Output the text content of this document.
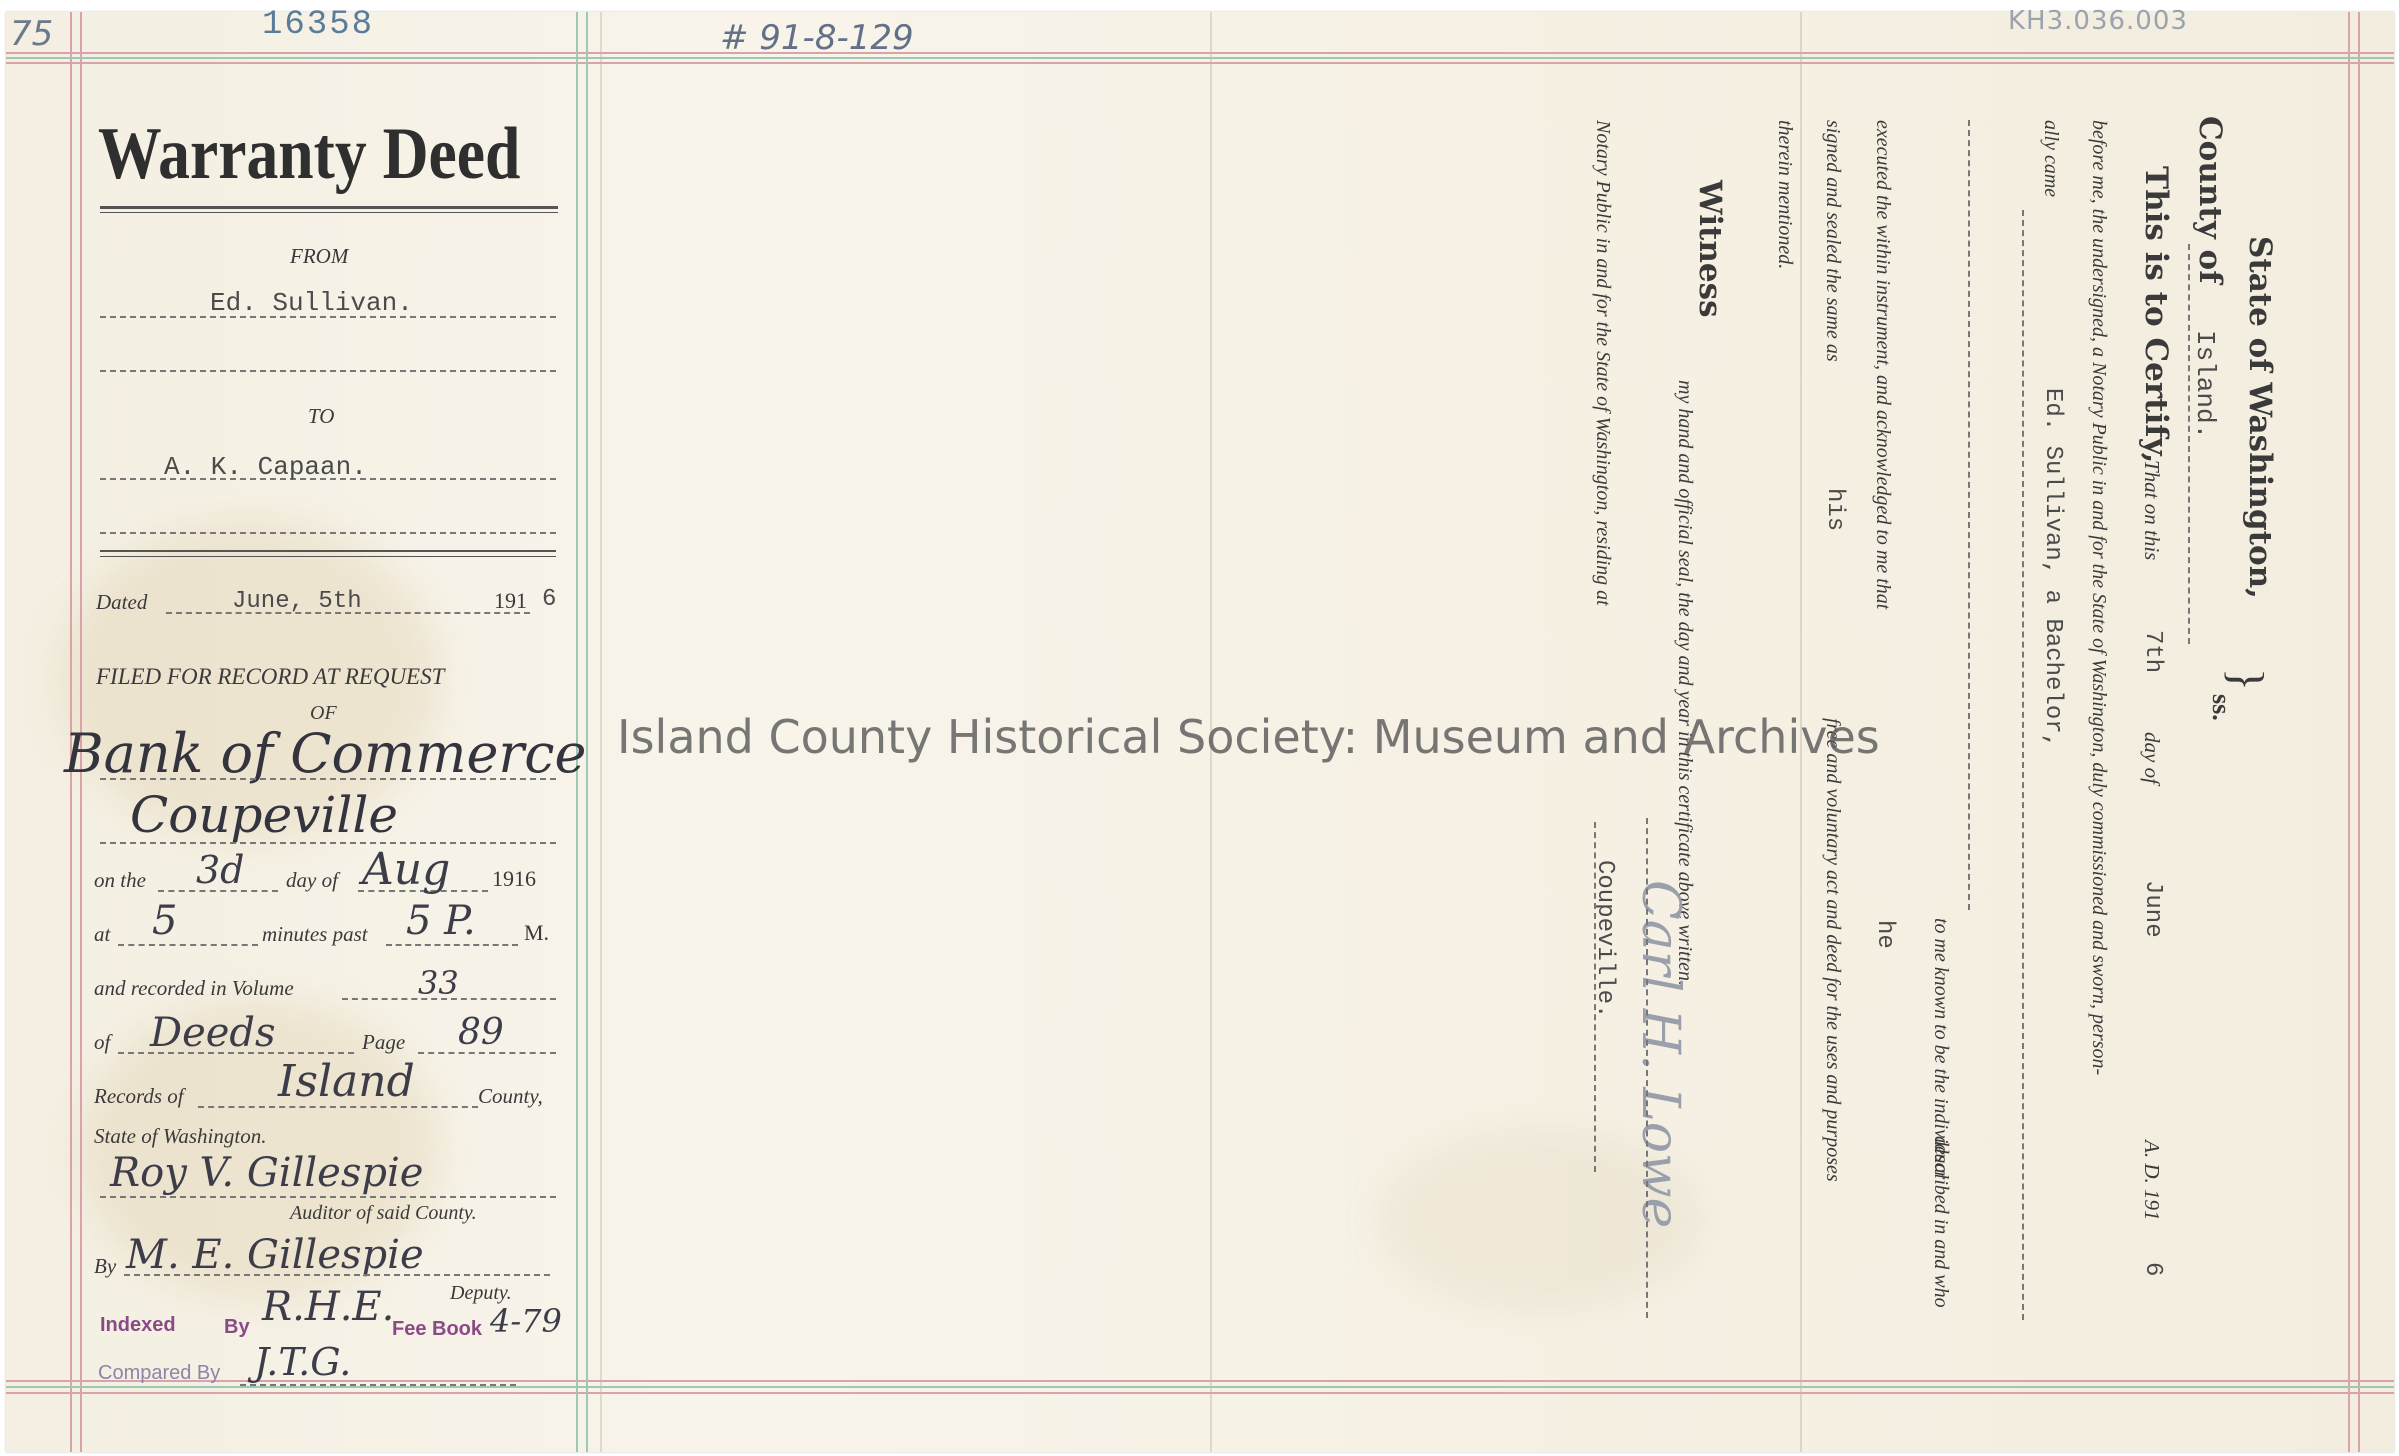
75	16358	# 91-8-129	KH3.036.003
Warranty Deed
FROM
Ed. Sullivan.
TO
A. K. Capaan.
Dated	June, 5th	191 6
FILED FOR RECORD AT REQUEST
OF
Bank of Commerce
Coupeville
on the 3d day of Aug 1916
at 5	minutes past 5 P. M.
and recorded in Volume	33
of Deeds	Page 89
Records of Island	County,
State of Washington.
Roy V. Gillespie
Auditor of said County.
By M. E. Gillespie
Deputy.
Indexed R.H.E.
By	Fee Book 4-79
Compared By J.T.G.
State of Washington,
County of
Island.
}
ss.
This is to Certify,
That on this
7th
day of
June
A. D. 191
6
before me, the undersigned, a Notary Public in and for the State of Washington, duly commissioned and sworn, person-
ally came
Ed. Sullivan, a Bachelor,
to me known to be the individual
described in and who
executed the within instrument, and acknowledged to me that
he
signed and sealed the same as
his
free and voluntary act and deed for the uses and purposes
therein mentioned.
Witness
my hand and official seal, the day and year in this certificate above written.
Carl H. Lowe
Notary Public in and for the State of Washington, residing at
Coupeville.
Island County Historical Society: Museum and Archives
